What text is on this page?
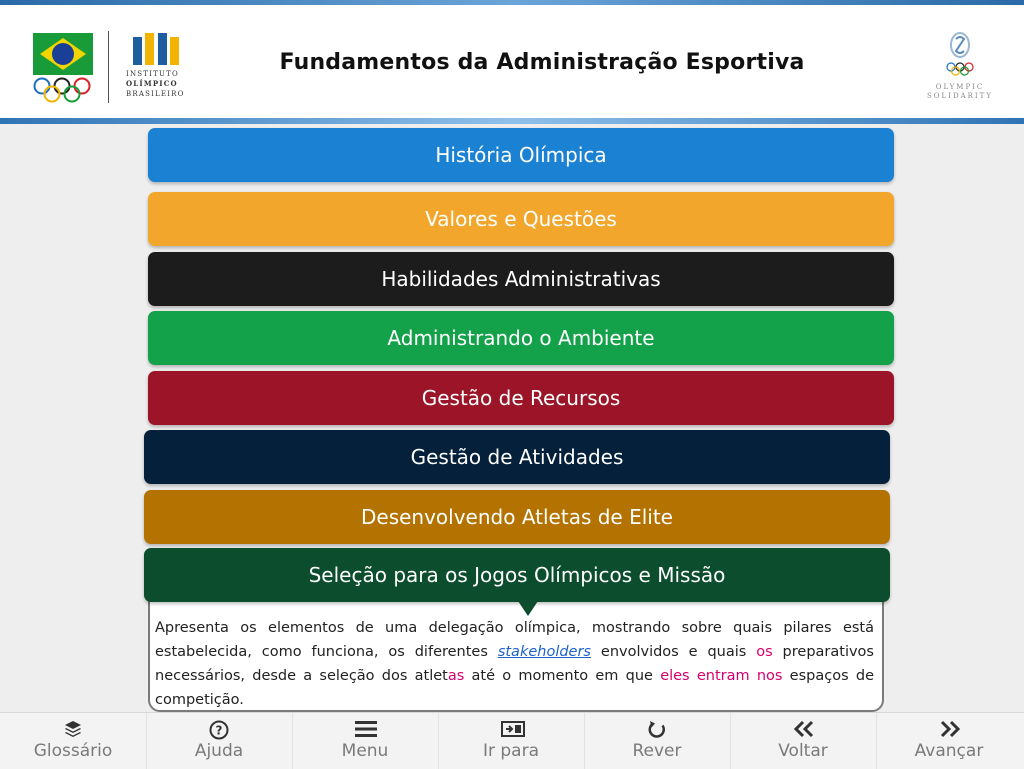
INSTITUTO
OLÍMPICO
BRASILEIRO
OLYMPIC
SOLIDARITY
Fundamentos da Administração Esportiva
História Olímpica
Valores e Questões
Habilidades Administrativas
Administrando o Ambiente
Gestão de Recursos
Gestão de Atividades
Desenvolvendo Atletas de Elite
Apresenta os elementos de uma delegação olímpica, mostrando sobre quais pilares está estabelecida, como funciona, os diferentes stakeholders envolvidos e quais os preparativos necessários, desde a seleção dos atletas até o momento em que eles entram nos espaços de competição.
Seleção para os Jogos Olímpicos e Missão
Glossário
?
Ajuda	Menu	Ir para	Rever	Voltar	Avançar
